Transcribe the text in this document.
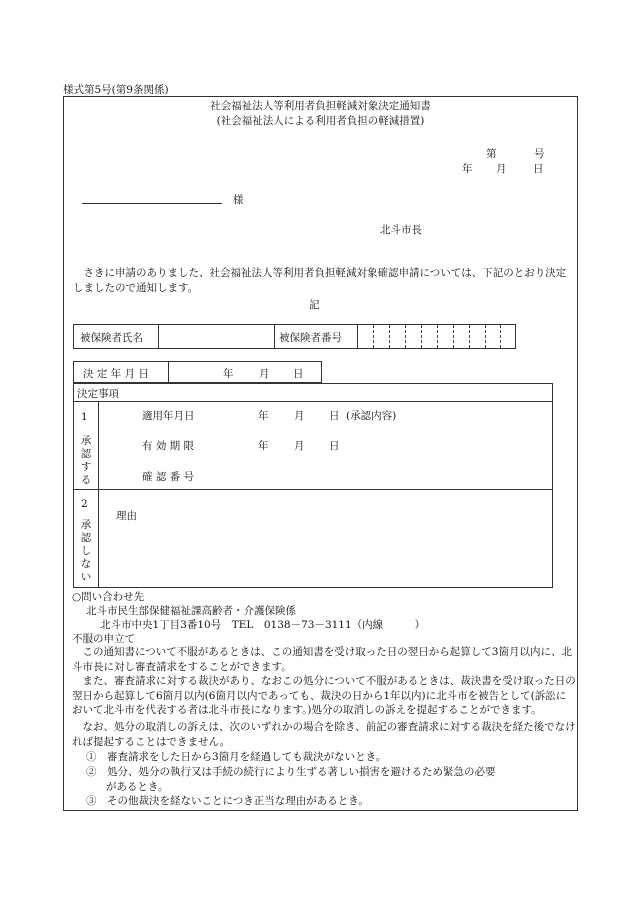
様式第5号(第9条関係)
社会福祉法人等利用者負担軽減対象決定通知書
(社会福祉法人による利用者負担の軽減措置)
第	号
年 月	日
様
北斗市長
さきに申請のありました、社会福祉法人等利用者負担軽減対象確認申請については、下記のとおり決定しましたので通知します。
記
被保険者氏名	被保険者番号
決 定 年 月 日	年 月 日
決定事項
1
承認する
適用年月日	年 月 日 (承認内容)
有 効 期 限	年 月 日
確 認 番 号
2
承認しない
理由
○問い合わせ先
北斗市民生部保健福祉課高齢者・介護保険係
北斗市中央1丁目3番10号　TEL　0138－73－3111（内線　　　）
不服の申立て
　この通知書について不服があるときは、この通知書を受け取った日の翌日から起算して3箇月以内に、北斗市長に対し審査請求をすることができます。
　また、審査請求に対する裁決があり、なおこの処分について不服があるときは、裁決書を受け取った日の翌日から起算して6箇月以内(6箇月以内であっても、裁決の日から1年以内)に北斗市を被告として(訴訟において北斗市を代表する者は北斗市長になります。)処分の取消しの訴えを提起することができます。
　なお、処分の取消しの訴えは、次のいずれかの場合を除き、前記の審査請求に対する裁決を経た後でなければ提起することはできません。
①　審査請求をした日から3箇月を経過しても裁決がないとき。
②　処分、処分の執行又は手続の続行により生ずる著しい損害を避けるため緊急の必要があるとき。
③　その他裁決を経ないことにつき正当な理由があるとき。
